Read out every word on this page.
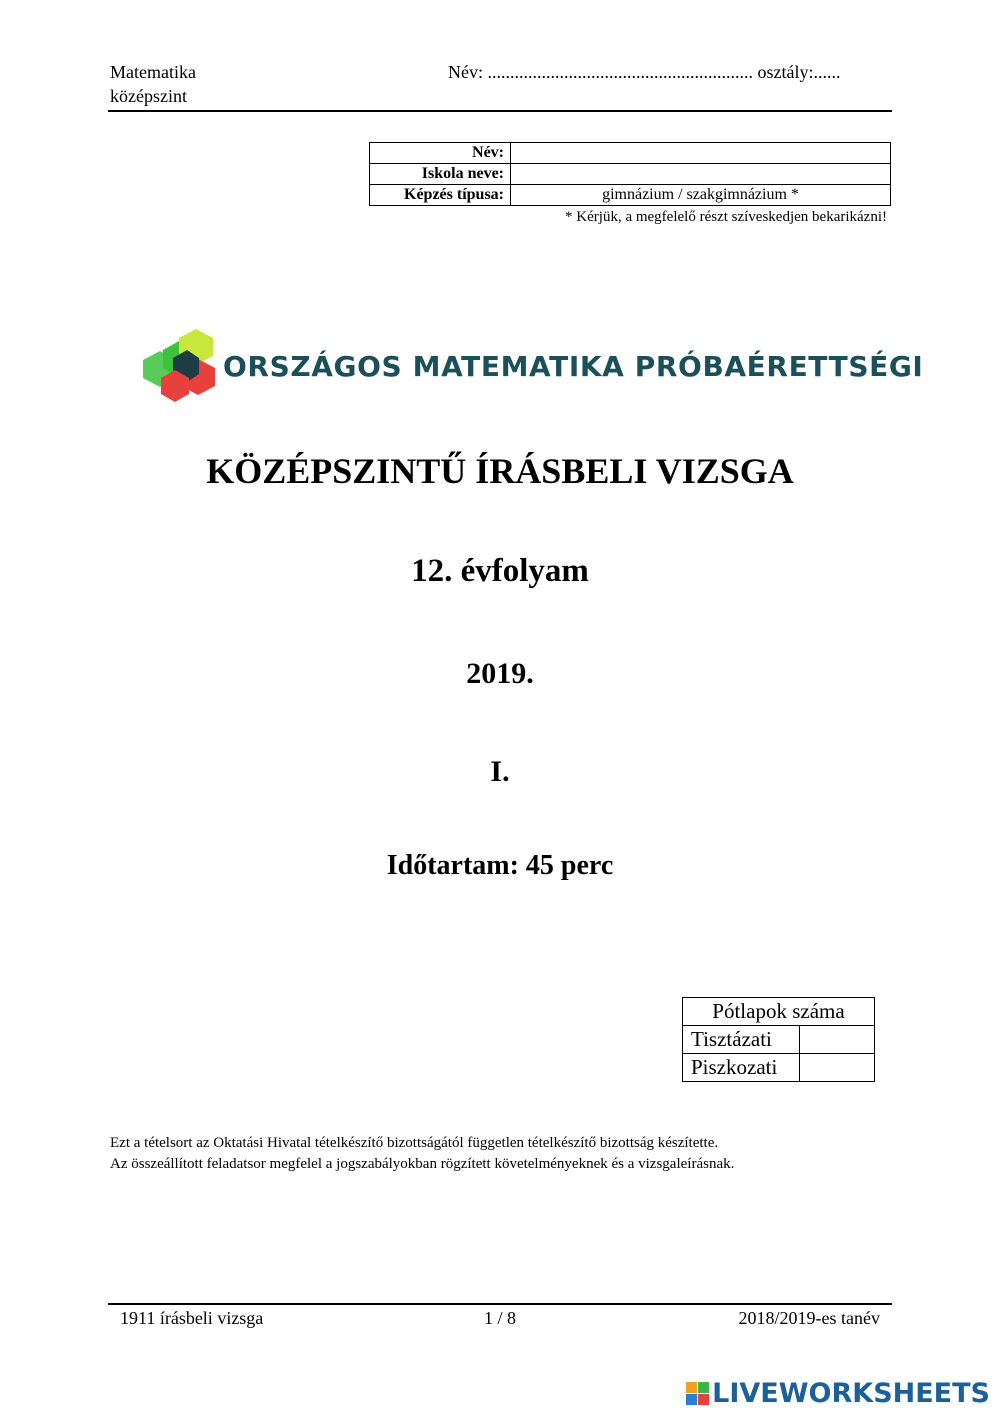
Matematika
középszint
Név: ........................................................... osztály:......
Név:	
Iskola neve:	
Képzés típusa:	gimnázium / szakgimnázium *
* Kérjük, a megfelelő részt szíveskedjen bekarikázni!
ORSZÁGOS MATEMATIKA PRÓBAÉRETTSÉGI
KÖZÉPSZINTŰ ÍRÁSBELI VIZSGA
12. évfolyam
2019.
I.
Időtartam: 45 perc
Pótlapok száma	
Tisztázati	
Piszkozati	
Ezt a tételsort az Oktatási Hivatal tételkészítő bizottságától független tételkészítő bizottság készítette.
Az összeállított feladatsor megfelel a jogszabályokban rögzített követelményeknek és a vizsgaleírásnak.
1911 írásbeli vizsga	1 / 8	2018/2019-es tanév
LIVEWORKSHEETS
